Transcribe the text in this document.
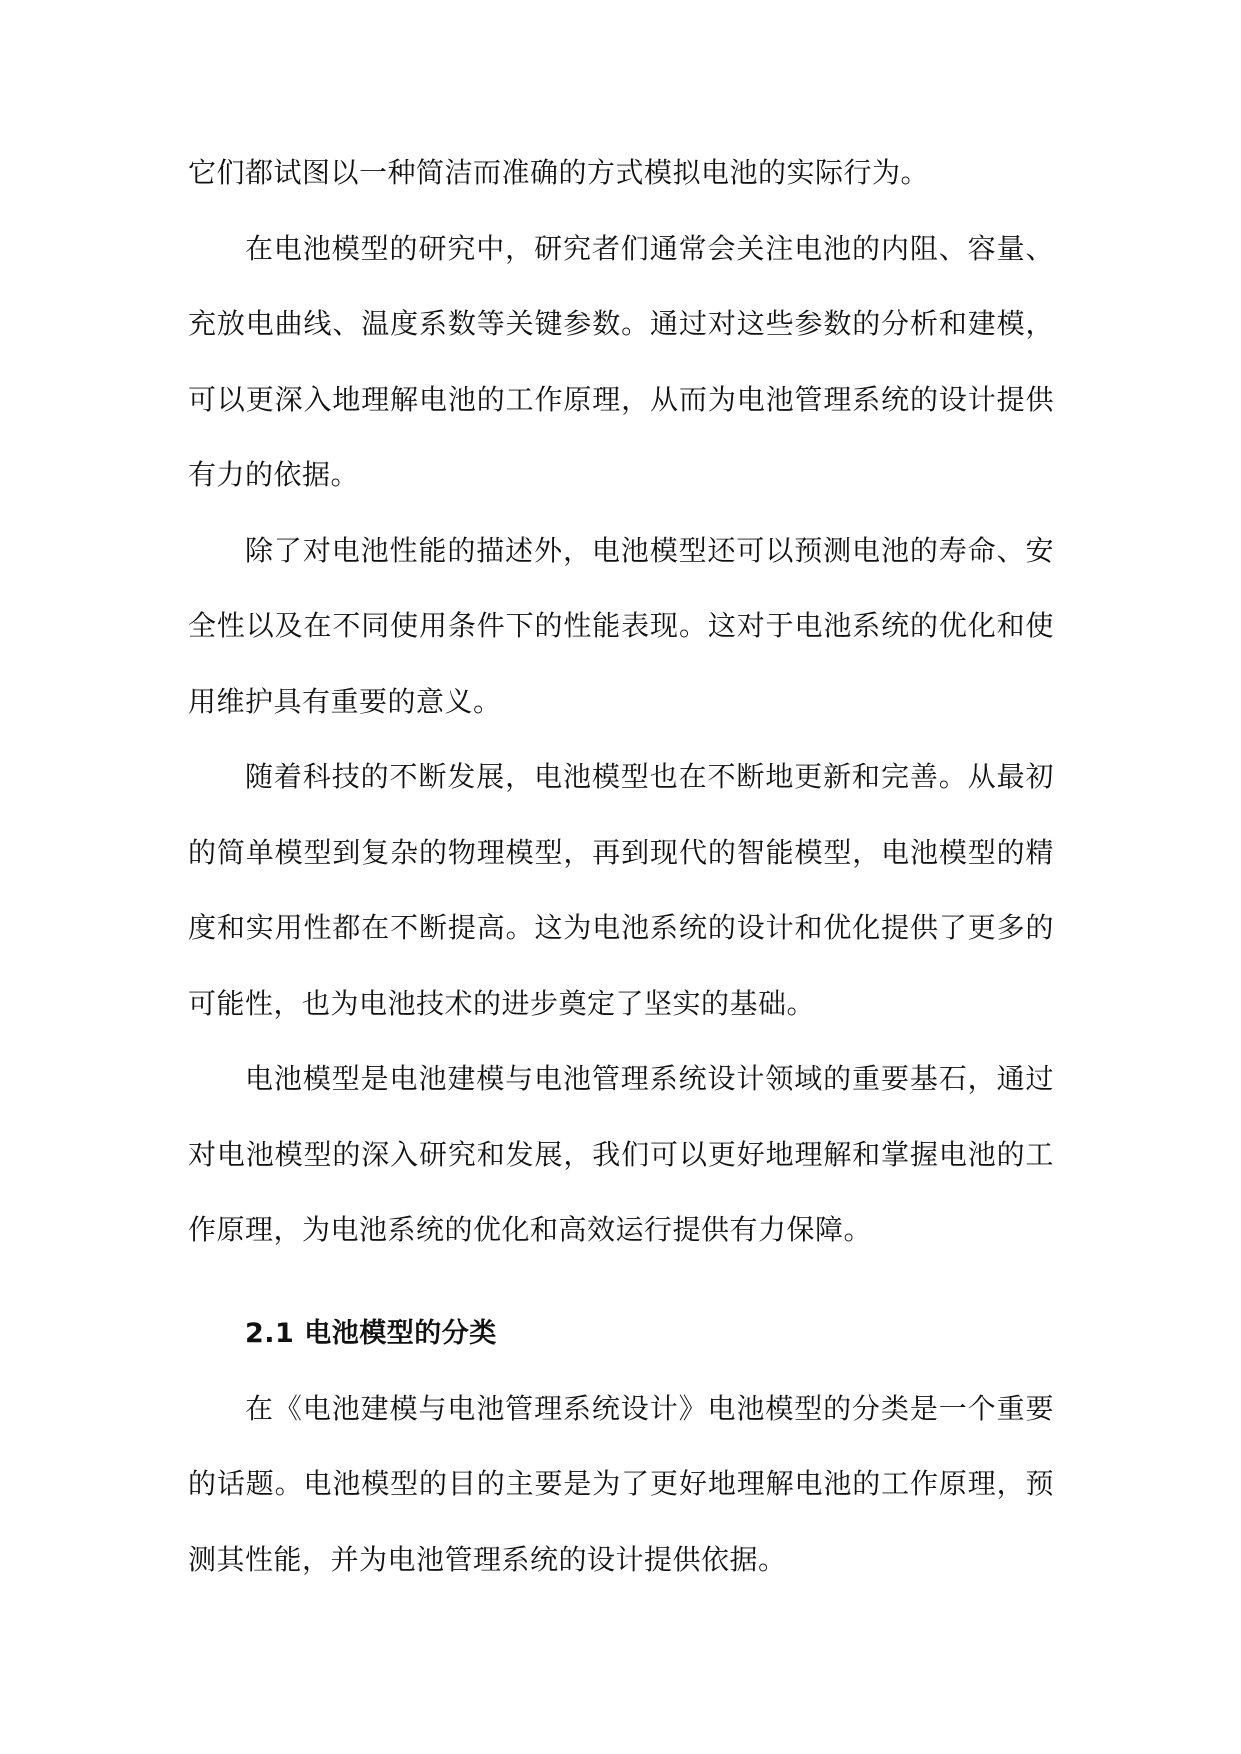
它们都试图以一种简洁而准确的方式模拟电池的实际行为。

在电池模型的研究中，研究者们通常会关注电池的内阻、容量、充放电曲线、温度系数等关键参数。通过对这些参数的分析和建模，可以更深入地理解电池的工作原理，从而为电池管理系统的设计提供有力的依据。

除了对电池性能的描述外，电池模型还可以预测电池的寿命、安全性以及在不同使用条件下的性能表现。这对于电池系统的优化和使用维护具有重要的意义。

随着科技的不断发展，电池模型也在不断地更新和完善。从最初的简单模型到复杂的物理模型，再到现代的智能模型，电池模型的精度和实用性都在不断提高。这为电池系统的设计和优化提供了更多的可能性，也为电池技术的进步奠定了坚实的基础。

电池模型是电池建模与电池管理系统设计领域的重要基石，通过对电池模型的深入研究和发展，我们可以更好地理解和掌握电池的工作原理，为电池系统的优化和高效运行提供有力保障。

2.1 电池模型的分类

在《电池建模与电池管理系统设计》电池模型的分类是一个重要的话题。电池模型的目的主要是为了更好地理解电池的工作原理，预测其性能，并为电池管理系统的设计提供依据。
